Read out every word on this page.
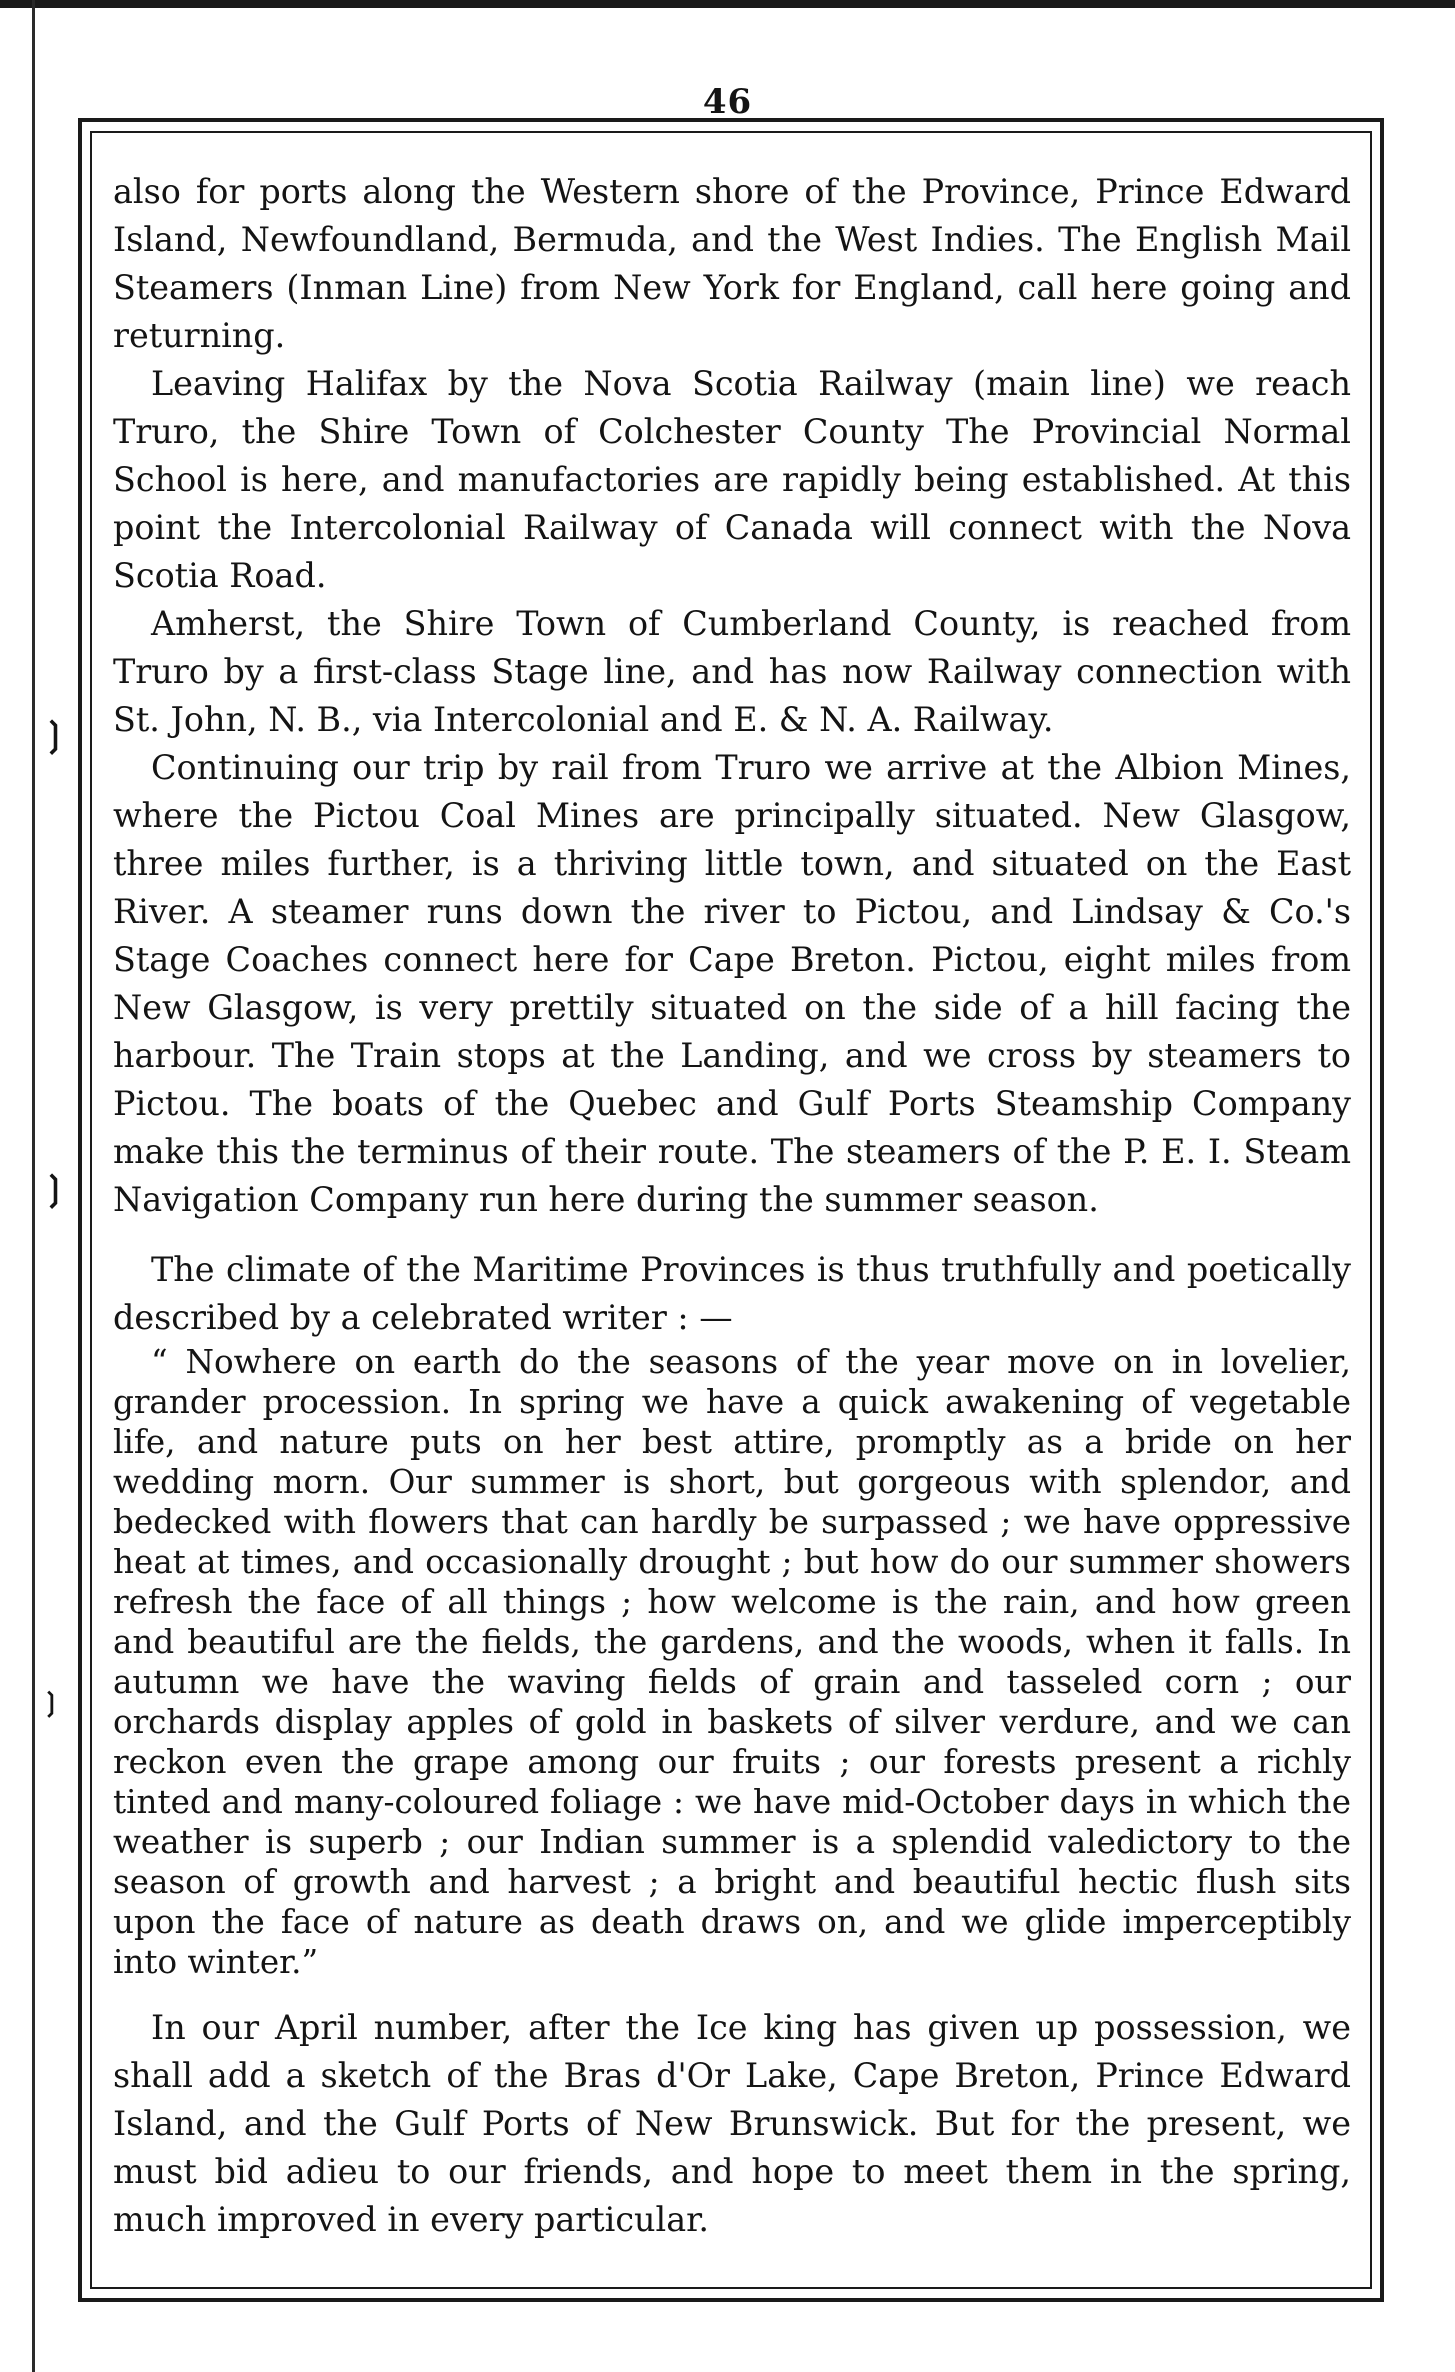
❳
❳
❳
46

also for ports along the Western shore of the Province, Prince Edward Island, Newfoundland, Bermuda, and the West Indies. The English Mail Steamers (Inman Line) from New York for England, call here going and returning.

Leaving Halifax by the Nova Scotia Railway (main line) we reach Truro, the Shire Town of Colchester County The Provincial Normal School is here, and manufactories are rapidly being established. At this point the Intercolonial Railway of Canada will connect with the Nova Scotia Road.

Amherst, the Shire Town of Cumberland County, is reached from Truro by a first-class Stage line, and has now Railway connection with St. John, N. B., via Intercolonial and E. & N. A. Railway.

Continuing our trip by rail from Truro we arrive at the Albion Mines, where the Pictou Coal Mines are principally situated. New Glasgow, three miles further, is a thriving little town, and situated on the East River. A steamer runs down the river to Pictou, and Lindsay & Co.'s Stage Coaches connect here for Cape Breton. Pictou, eight miles from New Glasgow, is very prettily situated on the side of a hill facing the harbour. The Train stops at the Landing, and we cross by steamers to Pictou. The boats of the Quebec and Gulf Ports Steamship Company make this the terminus of their route. The steamers of the P. E. I. Steam Navigation Company run here during the summer season.

The climate of the Maritime Provinces is thus truthfully and poetically described by a celebrated writer : —

“ Nowhere on earth do the seasons of the year move on in lovelier, grander procession. In spring we have a quick awakening of vegetable life, and nature puts on her best attire, promptly as a bride on her wedding morn. Our summer is short, but gorgeous with splendor, and bedecked with flowers that can hardly be surpassed ; we have oppressive heat at times, and occasionally drought ; but how do our summer showers refresh the face of all things ; how welcome is the rain, and how green and beautiful are the fields, the gardens, and the woods, when it falls. In autumn we have the waving fields of grain and tasseled corn ; our orchards display apples of gold in baskets of silver verdure, and we can reckon even the grape among our fruits ; our forests present a richly tinted and many-coloured foliage : we have mid-October days in which the weather is superb ; our Indian summer is a splendid valedictory to the season of growth and harvest ; a bright and beautiful hectic flush sits upon the face of nature as death draws on, and we glide imperceptibly into winter.”

In our April number, after the Ice king has given up possession, we shall add a sketch of the Bras d'Or Lake, Cape Breton, Prince Edward Island, and the Gulf Ports of New Brunswick. But for the present, we must bid adieu to our friends, and hope to meet them in the spring, much improved in every particular.
